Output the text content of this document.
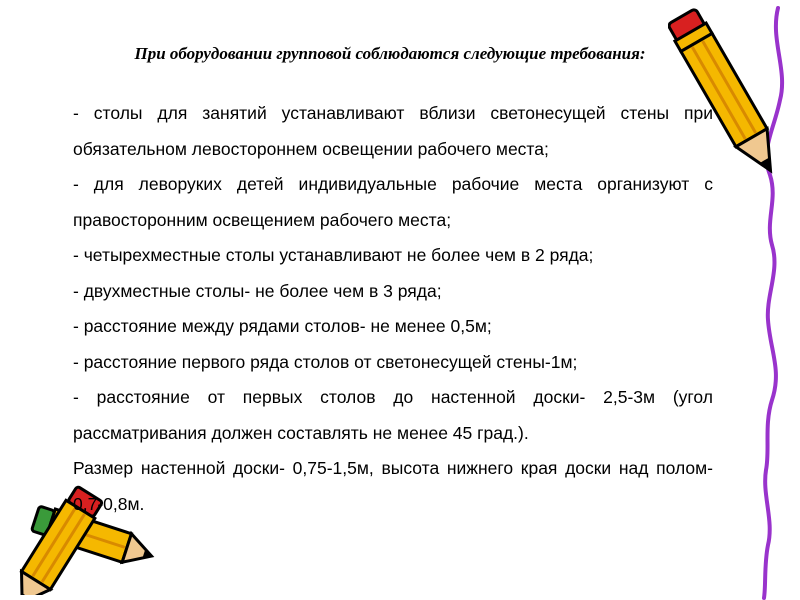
При оборудовании групповой соблюдаются следующие требования:

- столы для занятий устанавливают вблизи светонесущей стены при обязательном левостороннем освещении рабочего места;

- для леворуких детей индивидуальные рабочие места организуют с правосторонним освещением рабочего места;

- четырехместные столы устанавливают не более чем в 2 ряда;

- двухместные столы- не более чем в 3 ряда;

- расстояние между рядами столов- не менее 0,5м;

- расстояние первого ряда столов от светонесущей стены-1м;

- расстояние от первых столов до настенной доски- 2,5-3м (угол рассматривания должен составлять не менее 45 град.).

Размер настенной доски- 0,75-1,5м, высота нижнего края доски над полом- 0,7-0,8м.
